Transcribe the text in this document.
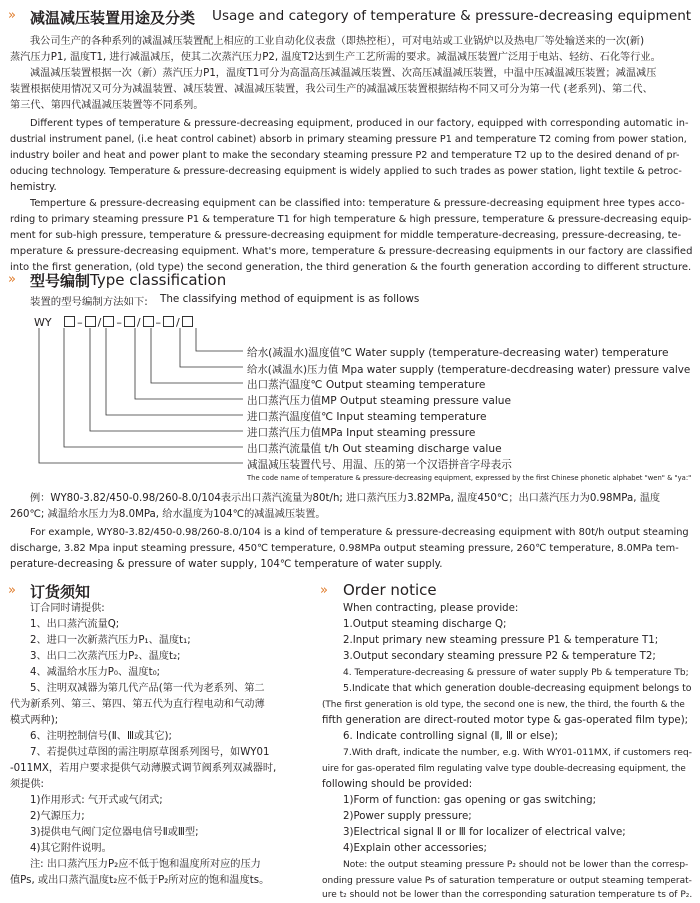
» 减温减压装置用途及分类 Usage and category of temperature & pressure-decreasing equipment
我公司生产的各种系列的减温减压装置配上相应的工业自动化仪表盘（即热控柜），可对电站或工业锅炉以及热电厂等处输送来的一次(新)
蒸汽压力P1, 温度T1, 进行减温减压，使其二次蒸汽压力P2, 温度T2达到生产工艺所需的要求。减温减压装置广泛用于电站、轻纺、石化等行业。
减温减压装置根据一次（新）蒸汽压力P1，温度T1可分为高温高压减温减压装置、次高压减温减压装置，中温中压减温减压装置；减温减压
装置根据使用情况又可分为减温装置、减压装置、减温减压装置，我公司生产的减温减压装置根据结构不同又可分为第一代 (老系列)、第二代、
第三代、第四代减温减压装置等不同系列。
Different types of temperature & pressure-decreasing equipment, produced in our factory, equipped with corresponding automatic in-
dustrial instrument panel, (i.e heat control cabinet) absorb in primary steaming pressure P1 and temperature T2 coming from power station,
industry boiler and heat and power plant to make the secondary steaming pressure P2 and temperature T2 up to the desired denand of pr-
oducing technology. Temperature & pressure-decreasing equipment is widely applied to such trades as power station, light textile & petroc-
hemistry.
Temperture & pressure-decreasing equipment can be classified into: temperature & pressure-decreasing equipment hree types acco-
rding to primary steaming pressure P1 & temperature T1 for high temperature & high pressure, temperature & pressure-decreasing equip-
ment for sub-high pressure, temperature & pressure-decreasing equipment for middle temperature-decreasing, pressure-decreasing, te-
mperature & pressure-decreasing equipment. What's more, temperature & pressure-decreasing equipments in our factory are classified
into the first generation, (old type) the second generation, the third generation & the fourth generation according to different structure.
» 型号编制 Type classification
装置的型号编制方法如下: The classifying method of equipment is as follows
WY – / – / – /
给水(减温水)温度值℃ Water supply (temperature-decreasing water) temperature
给水(减温水)压力值 Mpa water supply (temperature-decdreasing water) pressure valve
出口蒸汽温度℃ Output steaming temperature
出口蒸汽压力值MP Output steaming pressure value
进口蒸汽温度值℃ Input steaming temperature
进口蒸汽压力值MPa Input steaming pressure
出口蒸汽流量值 t/h Out steaming discharge value
减温减压装置代号、用温、压的第一个汉语拼音字母表示
The code name of temperature & pressure-decreasing equipment, expressed by the first Chinese phonetic alphabet "wen" & "ya:"
例：WY80-3.82/450-0.98/260-8.0/104表示出口蒸汽流量为80t/h; 进口蒸汽压力3.82MPa, 温度450℃；出口蒸汽压力为0.98MPa, 温度
260℃; 减温给水压力为8.0MPa, 给水温度为104℃的减温减压装置。
For example, WY80-3.82/450-0.98/260-8.0/104 is a kind of temperature & pressure-decreasing equipment with 80t/h output steaming
discharge, 3.82 Mpa input steaming pressure, 450℃ temperature, 0.98MPa output steaming pressure, 260℃ temperature, 8.0MPa tem-
perature-decreasing & pressure of water supply, 104℃ temperature of water supply.
» 订货须知
订合同时请提供:
1、出口蒸汽流量Q;
2、进口一次新蒸汽压力P₁、温度t₁;
3、出口二次蒸汽压力P₂、温度t₂;
4、减温给水压力P₀、温度t₀;
5、注明双减器为第几代产品(第一代为老系列、第二
代为新系列、第三、第四、第五代为直行程电动和气动薄
模式两种);
6、注明控制信号(Ⅱ、Ⅲ或其它);
7、若提供过草图的需注明原草图系列图号，如WY01
-011MX，若用户要求提供气动薄膜式调节阀系列双减器时,
须提供:
1)作用形式: 气开式或气闭式;
2)气源压力;
3)提供电气阀门定位器电信号Ⅱ或Ⅲ型;
4)其它附件说明。
注: 出口蒸汽压力P₂应不低于饱和温度所对应的压力
值Ps, 或出口蒸汽温度t₂应不低于P₂所对应的饱和温度ts。
» Order notice
When contracting, please provide:
1.Output steaming discharge Q;
2.Input primary new steaming pressure P1 & temperature T1;
3.Output secondary steaming pressure P2 & temperature T2;
4. Temperature-decreasing & pressure of water supply Pb & temperature Tb;
5.Indicate that which generation double-decreasing equipment belongs to
(The first generation is old type, the second one is new, the third, the fourth & the
fifth generation are direct-routed motor type & gas-operated film type);
6. Indicate controlling signal (Ⅱ, Ⅲ or else);
7.With draft, indicate the number, e.g. With WY01-011MX, if customers req-
uire for gas-operated film regulating valve type double-decreasing equipment, the
following should be provided:
1)Form of function: gas opening or gas switching;
2)Power supply pressure;
3)Electrical signal Ⅱ or Ⅲ for localizer of electrical valve;
4)Explain other accessories;
Note: the output steaming pressure P₂ should not be lower than the corresp-
onding pressure value Ps of saturation temperature or output steaming temperat-
ure t₂ should not be lower than the corresponding saturation temperature ts of P₂.
